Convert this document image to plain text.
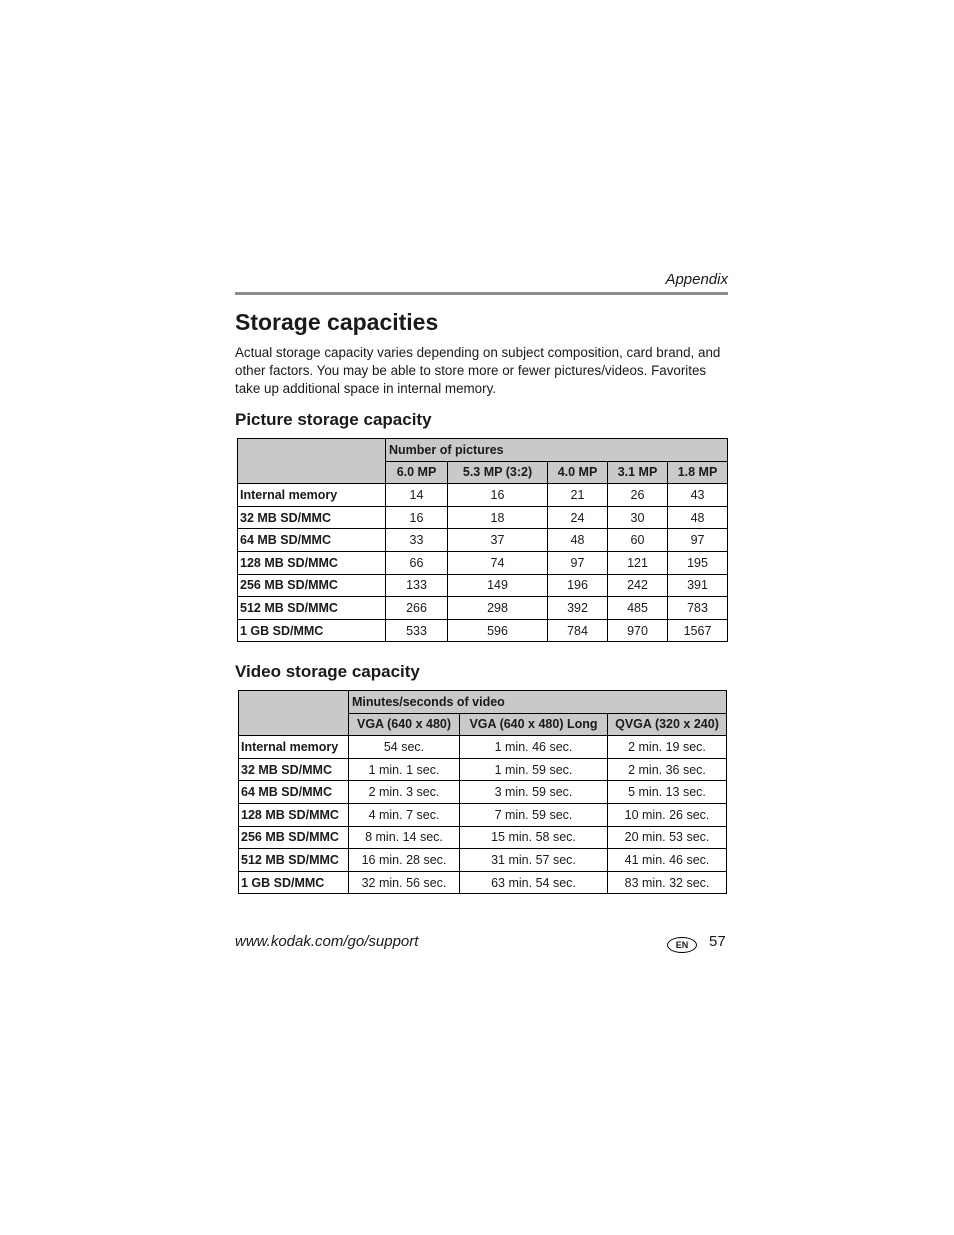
Appendix
Storage capacities

Actual storage capacity varies depending on subject composition, card brand, and other factors. You may be able to store more or fewer pictures/videos. Favorites take up additional space in internal memory.

Picture storage capacity
	Number of pictures				
	6.0 MP	5.3 MP (3:2)	4.0 MP	3.1 MP	1.8 MP
Internal memory	14	16	21	26	43
32 MB SD/MMC	16	18	24	30	48
64 MB SD/MMC	33	37	48	60	97
128 MB SD/MMC	66	74	97	121	195
256 MB SD/MMC	133	149	196	242	391
512 MB SD/MMC	266	298	392	485	783
1 GB SD/MMC	533	596	784	970	1567
Video storage capacity
	Minutes/seconds of video		
	VGA (640 x 480)	VGA (640 x 480) Long	QVGA (320 x 240)
Internal memory	54 sec.	1 min. 46 sec.	2 min. 19 sec.
32 MB SD/MMC	1 min. 1 sec.	1 min. 59 sec.	2 min. 36 sec.
64 MB SD/MMC	2 min. 3 sec.	3 min. 59 sec.	5 min. 13 sec.
128 MB SD/MMC	4 min. 7 sec.	7 min. 59 sec.	10 min. 26 sec.
256 MB SD/MMC	8 min. 14 sec.	15 min. 58 sec.	20 min. 53 sec.
512 MB SD/MMC	16 min. 28 sec.	31 min. 57 sec.	41 min. 46 sec.
1 GB SD/MMC	32 min. 56 sec.	63 min. 54 sec.	83 min. 32 sec.
www.kodak.com/go/support	EN	57
